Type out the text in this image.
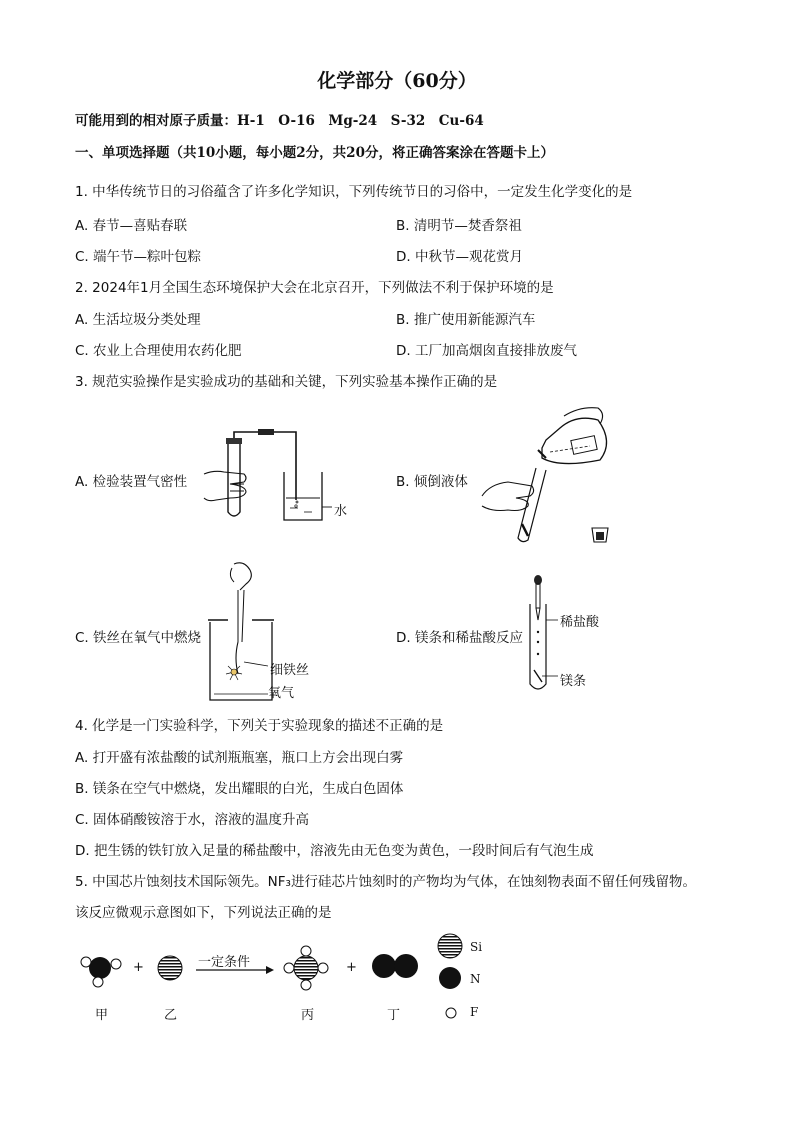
化学部分（60分）
可能用到的相对原子质量：H-1　O-16　Mg-24　S-32　Cu-64
一、单项选择题（共10小题，每小题2分，共20分，将正确答案涂在答题卡上）
1. 中华传统节日的习俗蕴含了许多化学知识，下列传统节日的习俗中，一定发生化学变化的是
A. 春节—喜贴春联	B. 清明节—焚香祭祖
C. 端午节—粽叶包粽	D. 中秋节—观花赏月
2. 2024年1月全国生态环境保护大会在北京召开，下列做法不利于保护环境的是
A. 生活垃圾分类处理	B. 推广使用新能源汽车
C. 农业上合理使用农药化肥	D. 工厂加高烟囱直接排放废气
3. 规范实验操作是实验成功的基础和关键，下列实验基本操作正确的是
A. 检验装置气密性
水
B. 倾倒液体
C. 铁丝在氧气中燃烧
细铁丝
氧气
D. 镁条和稀盐酸反应
稀盐酸
镁条
4. 化学是一门实验科学，下列关于实验现象的描述不正确的是
A. 打开盛有浓盐酸的试剂瓶瓶塞，瓶口上方会出现白雾
B. 镁条在空气中燃烧，发出耀眼的白光，生成白色固体
C. 固体硝酸铵溶于水，溶液的温度升高
D. 把生锈的铁钉放入足量的稀盐酸中，溶液先由无色变为黄色，一段时间后有气泡生成
5. 中国芯片蚀刻技术国际领先。NF₃进行硅芯片蚀刻时的产物均为气体，在蚀刻物表面不留任何残留物。
该反应微观示意图如下，下列说法正确的是
一定条件
+	+
甲	乙	丙	丁
Si
N
F
